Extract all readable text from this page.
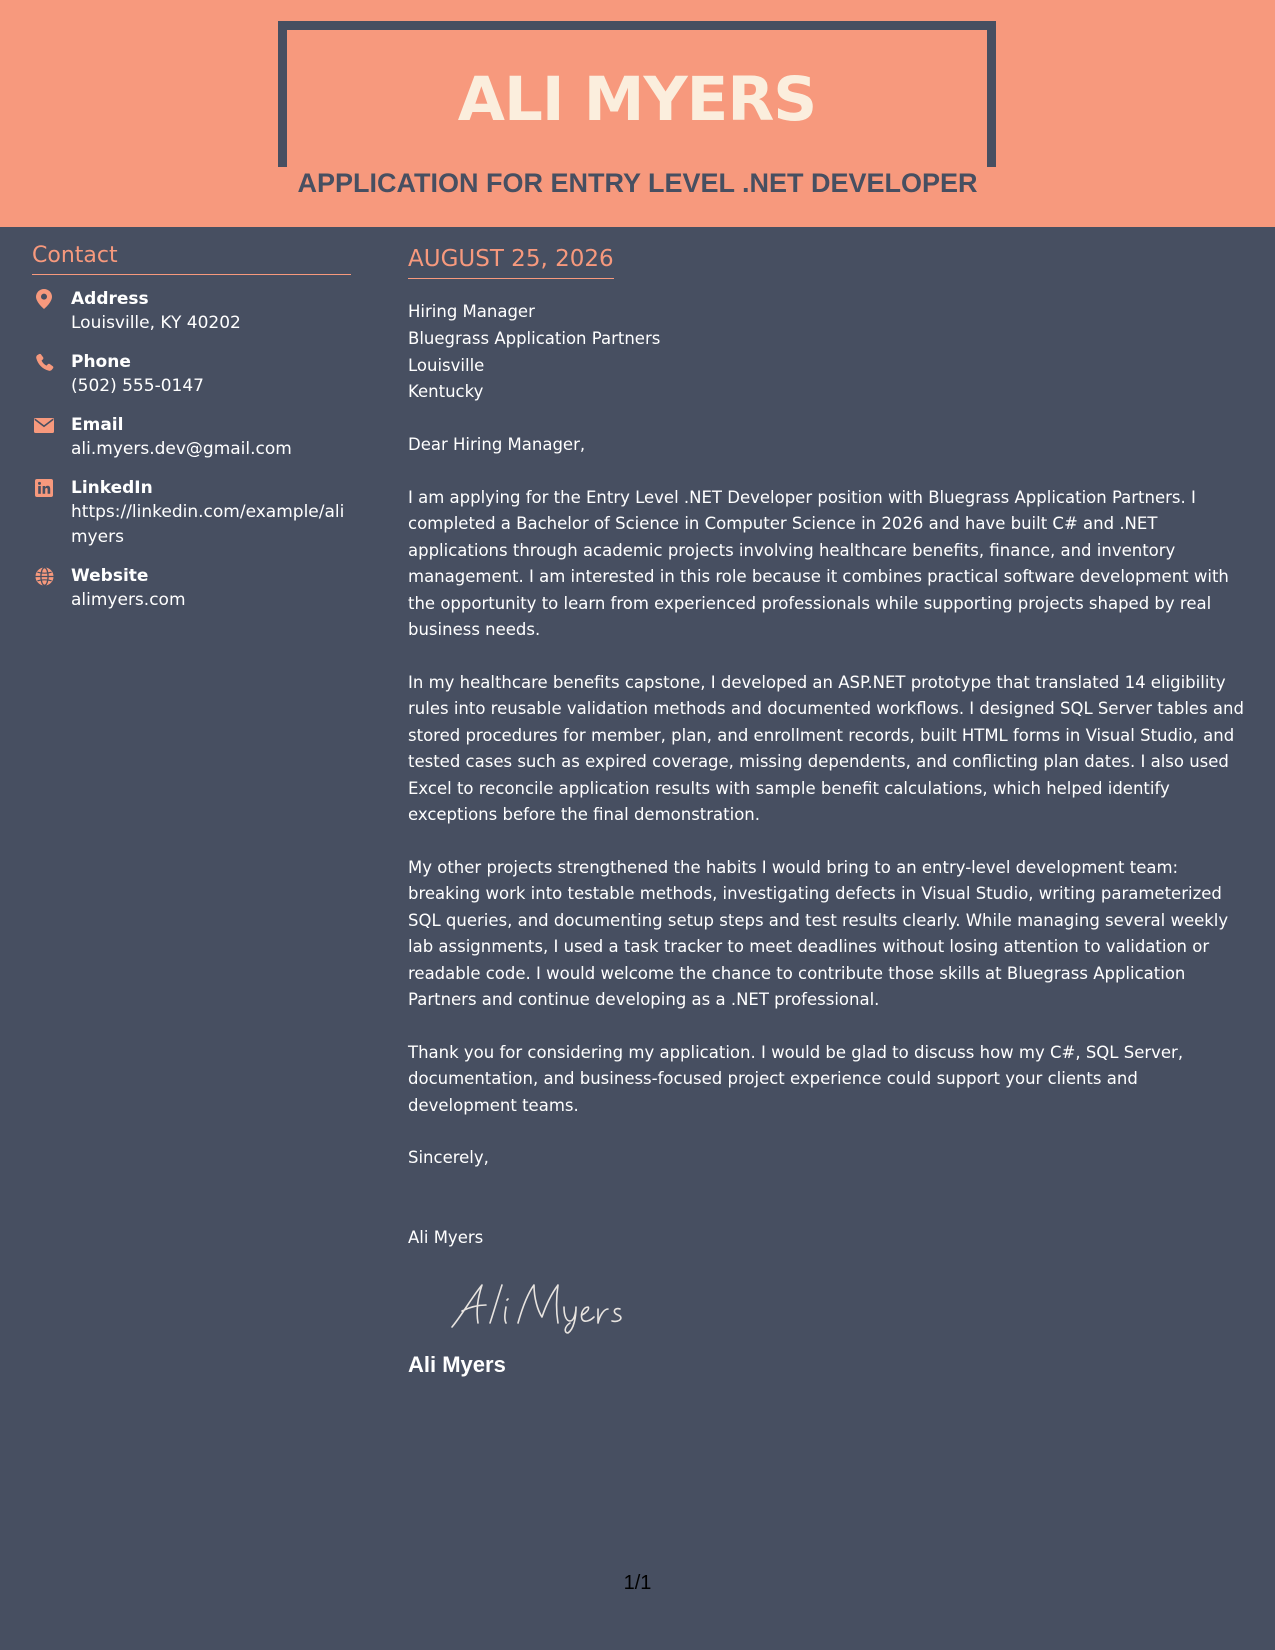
ALI MYERS
APPLICATION FOR ENTRY LEVEL .NET DEVELOPER
Contact
Address
Louisville, KY 40202
Phone
(502) 555-0147
Email
ali.myers.dev@gmail.com
LinkedIn
https://linkedin.com/example/alimyers
Website
alimyers.com
AUGUST 25, 2026
Hiring Manager
Bluegrass Application Partners
Louisville
Kentucky
Dear Hiring Manager,
I am applying for the Entry Level .NET Developer position with Bluegrass Application Partners. I completed a Bachelor of Science in Computer Science in 2026 and have built C# and .NET applications through academic projects involving healthcare benefits, finance, and inventory management. I am interested in this role because it combines practical software development with the opportunity to learn from experienced professionals while supporting projects shaped by real business needs.
In my healthcare benefits capstone, I developed an ASP.NET prototype that translated 14 eligibility rules into reusable validation methods and documented workflows. I designed SQL Server tables and stored procedures for member, plan, and enrollment records, built HTML forms in Visual Studio, and tested cases such as expired coverage, missing dependents, and conflicting plan dates. I also used Excel to reconcile application results with sample benefit calculations, which helped identify exceptions before the final demonstration.
My other projects strengthened the habits I would bring to an entry-level development team: breaking work into testable methods, investigating defects in Visual Studio, writing parameterized SQL queries, and documenting setup steps and test results clearly. While managing several weekly lab assignments, I used a task tracker to meet deadlines without losing attention to validation or readable code. I would welcome the chance to contribute those skills at Bluegrass Application Partners and continue developing as a .NET professional.
Thank you for considering my application. I would be glad to discuss how my C#, SQL Server, documentation, and business-focused project experience could support your clients and development teams.
Sincerely,
Ali Myers
Ali Myers
1/1
